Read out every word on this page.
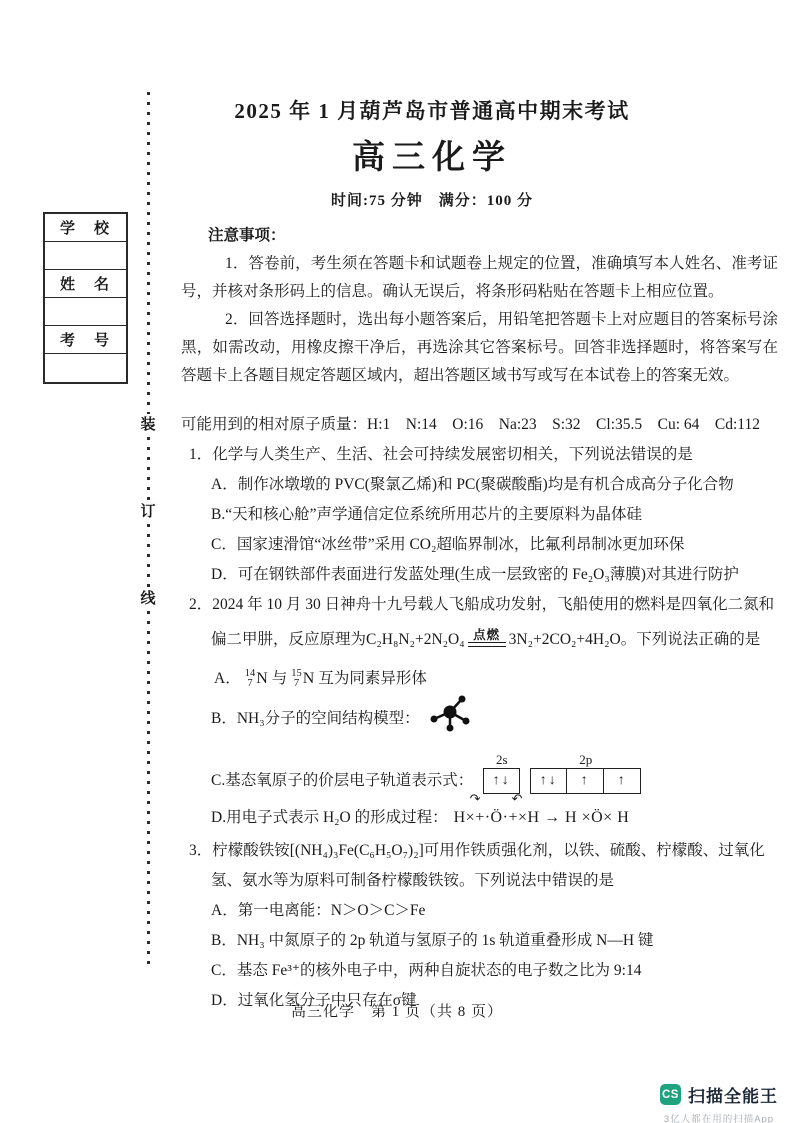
学　校
姓　名
考　号
装
订
线
2025 年 1 月葫芦岛市普通高中期末考试
高三化学
时间:75 分钟　满分：100 分
注意事项：

1．答卷前，考生须在答题卡和试题卷上规定的位置，准确填写本人姓名、准考证号，并核对条形码上的信息。确认无误后，将条形码粘贴在答题卡上相应位置。

2．回答选择题时，选出每小题答案后，用铅笔把答题卡上对应题目的答案标号涂黑，如需改动，用橡皮擦干净后，再选涂其它答案标号。回答非选择题时，将答案写在答题卡上各题目规定答题区域内，超出答题区域书写或写在本试卷上的答案无效。

可能用到的相对原子质量：H:1　N:14　O:16　Na:23　S:32　Cl:35.5　Cu: 64　Cd:112
1．化学与人类生产、生活、社会可持续发展密切相关，下列说法错误的是
A．制作冰墩墩的 PVC(聚氯乙烯)和 PC(聚碳酸酯)均是有机合成高分子化合物
B.“天和核心舱”声学通信定位系统所用芯片的主要原料为晶体硅
C．国家速滑馆“冰丝带”采用 CO₂超临界制冰，比氟利昂制冰更加环保
D．可在钢铁部件表面进行发蓝处理(生成一层致密的 Fe₂O₃薄膜)对其进行防护
2．2024 年 10 月 30 日神舟十九号载人飞船成功发射，飞船使用的燃料是四氧化二氮和
偏二甲肼，反应原理为 C₂H₈N₂+2N₂O₄ 点燃 3N₂+2CO₂+4H₂O。 下列说法正确的是
A． 14
7 N 与 15
7 N 互为同素异形体
B．NH₃分子的空间结构模型：
C.基态氧原子的价层电子轨道表示式：
2s
↑↓
2p
↑↓	↑	↑
D.用电子式表示 H₂O 的形成过程：
↷ ↶
H×+·Ö·+×H → H ×Ö× H
3．柠檬酸铁铵[(NH₄)₃Fe(C₆H₅O₇)₂]可用作铁质强化剂，以铁、硫酸、柠檬酸、过氧化
氢、氨水等为原料可制备柠檬酸铁铵。下列说法中错误的是
A．第一电离能：N＞O＞C＞Fe
B．NH₃ 中氮原子的 2p 轨道与氢原子的 1s 轨道重叠形成 N—H 键
C．基态 Fe³⁺的核外电子中，两种自旋状态的电子数之比为 9:14
D．过氧化氢分子中只存在σ键
高三化学　第 1 页（共 8 页）
CS 扫描全能王
3亿人都在用的扫描App
